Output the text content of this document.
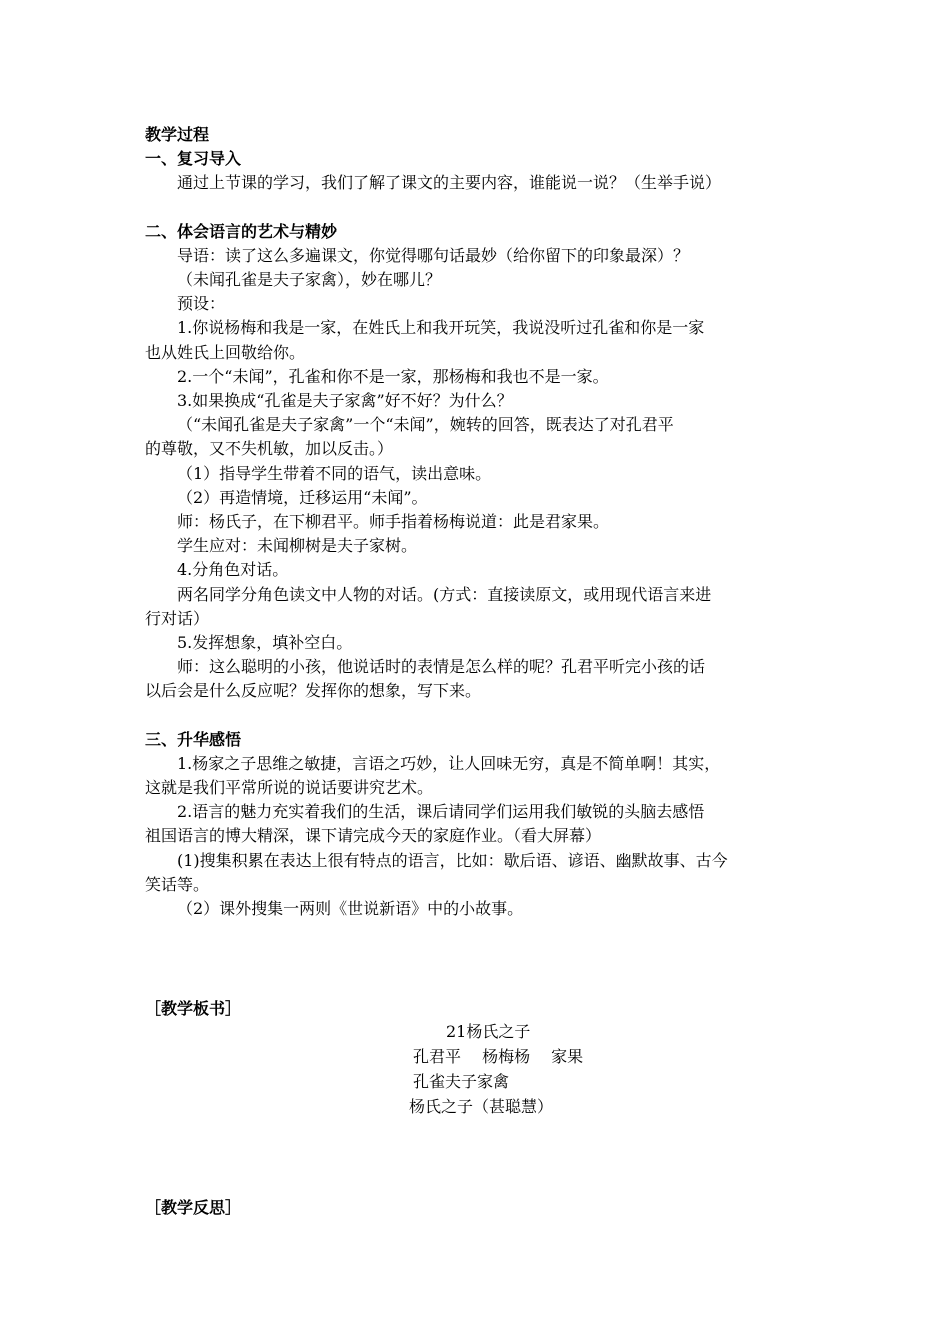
教学过程

一、复习导入

通过上节课的学习，我们了解了课文的主要内容，谁能说一说？（生举手说）

二、体会语言的艺术与精妙

导语：读了这么多遍课文，你觉得哪句话最妙（给你留下的印象最深）？

（未闻孔雀是夫子家禽），妙在哪儿？

预设：

1.你说杨梅和我是一家，在姓氏上和我开玩笑，我说没听过孔雀和你是一家

也从姓氏上回敬给你。

2.一个“未闻”，孔雀和你不是一家，那杨梅和我也不是一家。

3.如果换成“孔雀是夫子家禽”好不好？为什么？

（“未闻孔雀是夫子家禽”一个“未闻”，婉转的回答，既表达了对孔君平

的尊敬，又不失机敏，加以反击。）

（1）指导学生带着不同的语气，读出意味。

（2）再造情境，迁移运用“未闻”。

师：杨氏子，在下柳君平。师手指着杨梅说道：此是君家果。

学生应对：未闻柳树是夫子家树。

4.分角色对话。

两名同学分角色读文中人物的对话。(方式：直接读原文，或用现代语言来进

行对话）

5.发挥想象，填补空白。

师：这么聪明的小孩，他说话时的表情是怎么样的呢？孔君平听完小孩的话

以后会是什么反应呢？发挥你的想象，写下来。

三、升华感悟

1.杨家之子思维之敏捷，言语之巧妙，让人回味无穷，真是不简单啊！其实，

这就是我们平常所说的说话要讲究艺术。

2.语言的魅力充实着我们的生活，课后请同学们运用我们敏锐的头脑去感悟

祖国语言的博大精深，课下请完成今天的家庭作业。（看大屏幕）

(1)搜集积累在表达上很有特点的语言，比如：歇后语、谚语、幽默故事、古今

笑话等。

（2）课外搜集一两则《世说新语》中的小故事。

［教学板书］
21杨氏之子
孔君平　 杨梅杨　 家果
孔雀夫子家禽
杨氏之子（甚聪慧）
［教学反思］
